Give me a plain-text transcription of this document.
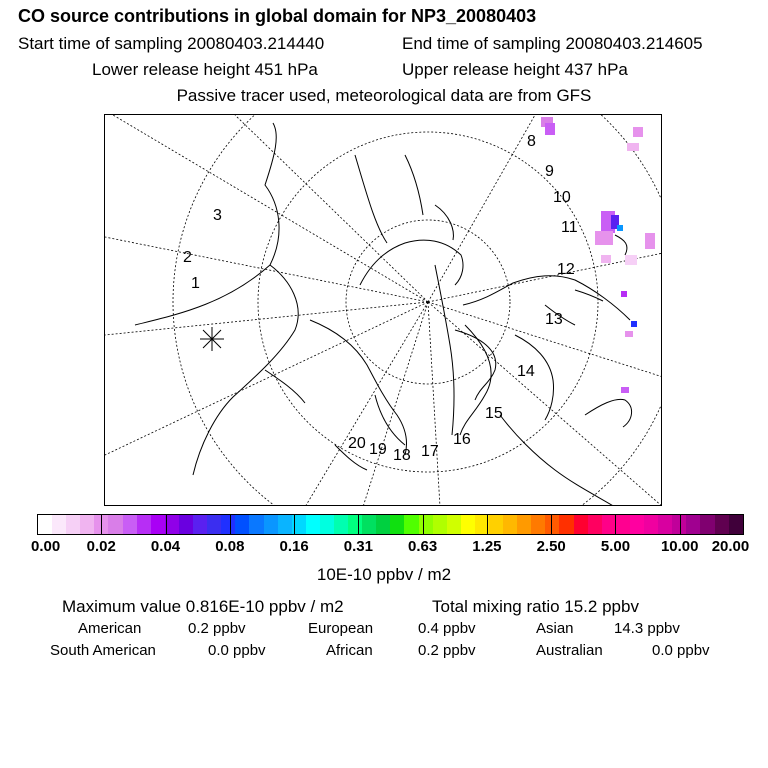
CO source contributions in global domain for NP3_20080403
Start time of sampling 20080403.214440	End time of sampling 20080403.214605
Lower release height 451 hPa	Upper release height 437 hPa
Passive tracer used, meteorological data are from GFS
1
2
3
8
9
10
11
12
13
14
15
16
17
18
19
20
0.00 0.02 0.04 0.08 0.16 0.31 0.63 1.25 2.50 5.00 10.00 20.00
10E-10 ppbv / m2
Maximum value 0.816E-10 ppbv / m2	Total mixing ratio 15.2 ppbv
American	0.2 ppbv	European	0.4 ppbv	Asian	14.3 ppbv
South American	0.0 ppbv	African	0.2 ppbv	Australian	0.0 ppbv
